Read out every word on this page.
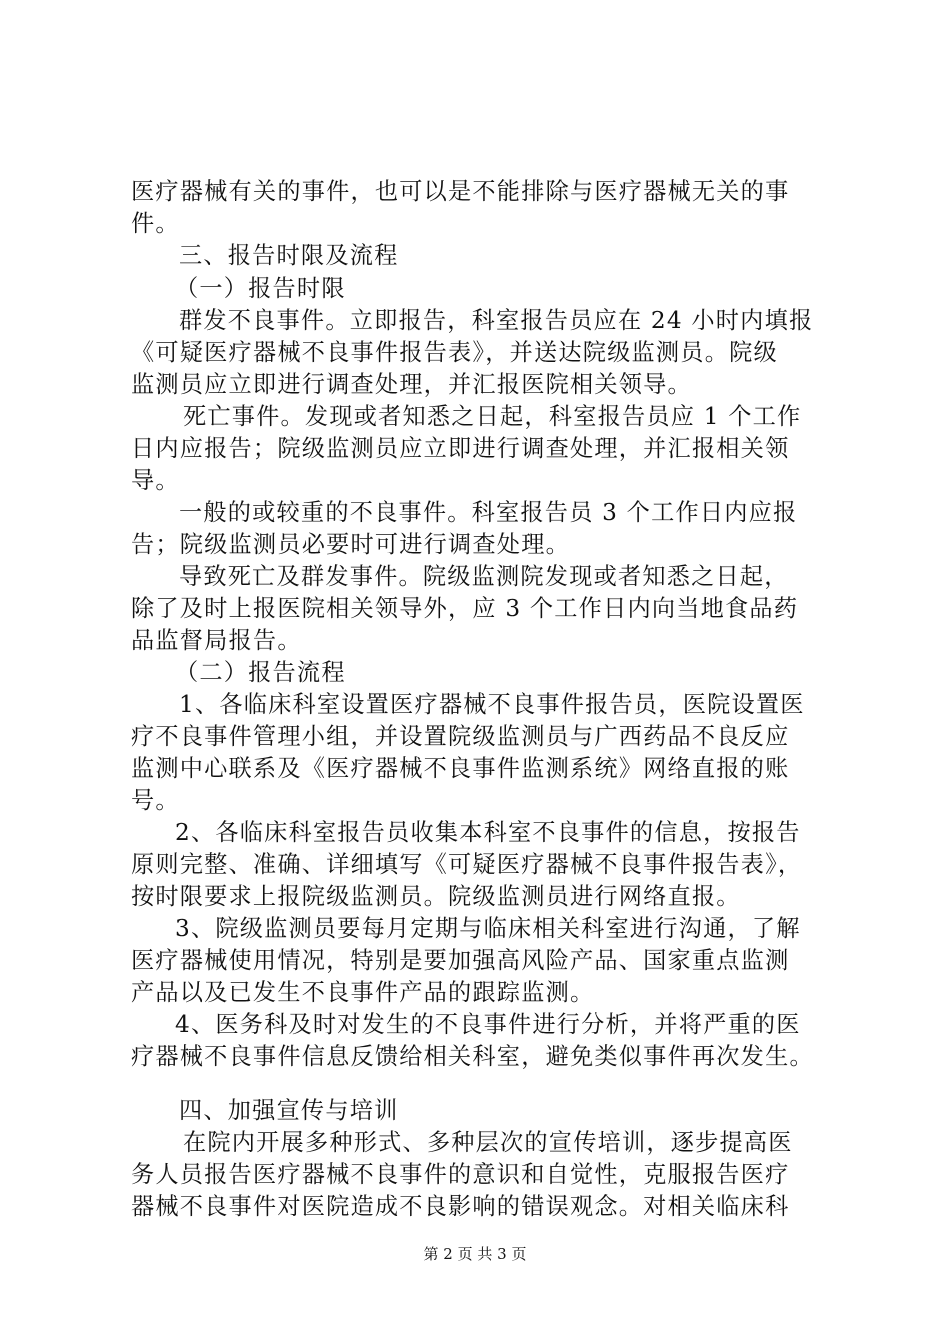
医疗器械有关的事件，也可以是不能排除与医疗器械无关的事
件。
三、报告时限及流程
（一）报告时限
群发不良事件。立即报告，科室报告员应在 24 小时内填报
《可疑医疗器械不良事件报告表》，并送达院级监测员。院级
监测员应立即进行调查处理，并汇报医院相关领导。
死亡事件。发现或者知悉之日起，科室报告员应 1 个工作
日内应报告；院级监测员应立即进行调查处理，并汇报相关领
导。
一般的或较重的不良事件。科室报告员 3 个工作日内应报
告；院级监测员必要时可进行调查处理。
导致死亡及群发事件。院级监测院发现或者知悉之日起，
除了及时上报医院相关领导外，应 3 个工作日内向当地食品药
品监督局报告。
（二）报告流程
1、各临床科室设置医疗器械不良事件报告员，医院设置医
疗不良事件管理小组，并设置院级监测员与广西药品不良反应
监测中心联系及《医疗器械不良事件监测系统》网络直报的账
号。
2、各临床科室报告员收集本科室不良事件的信息，按报告
原则完整、准确、详细填写《可疑医疗器械不良事件报告表》，
按时限要求上报院级监测员。院级监测员进行网络直报。
3、院级监测员要每月定期与临床相关科室进行沟通，了解
医疗器械使用情况，特别是要加强高风险产品、国家重点监测
产品以及已发生不良事件产品的跟踪监测。
4、医务科及时对发生的不良事件进行分析，并将严重的医
疗器械不良事件信息反馈给相关科室，避免类似事件再次发生。
四、加强宣传与培训
在院内开展多种形式、多种层次的宣传培训，逐步提高医
务人员报告医疗器械不良事件的意识和自觉性，克服报告医疗
器械不良事件对医院造成不良影响的错误观念。对相关临床科
第 2 页 共 3 页
